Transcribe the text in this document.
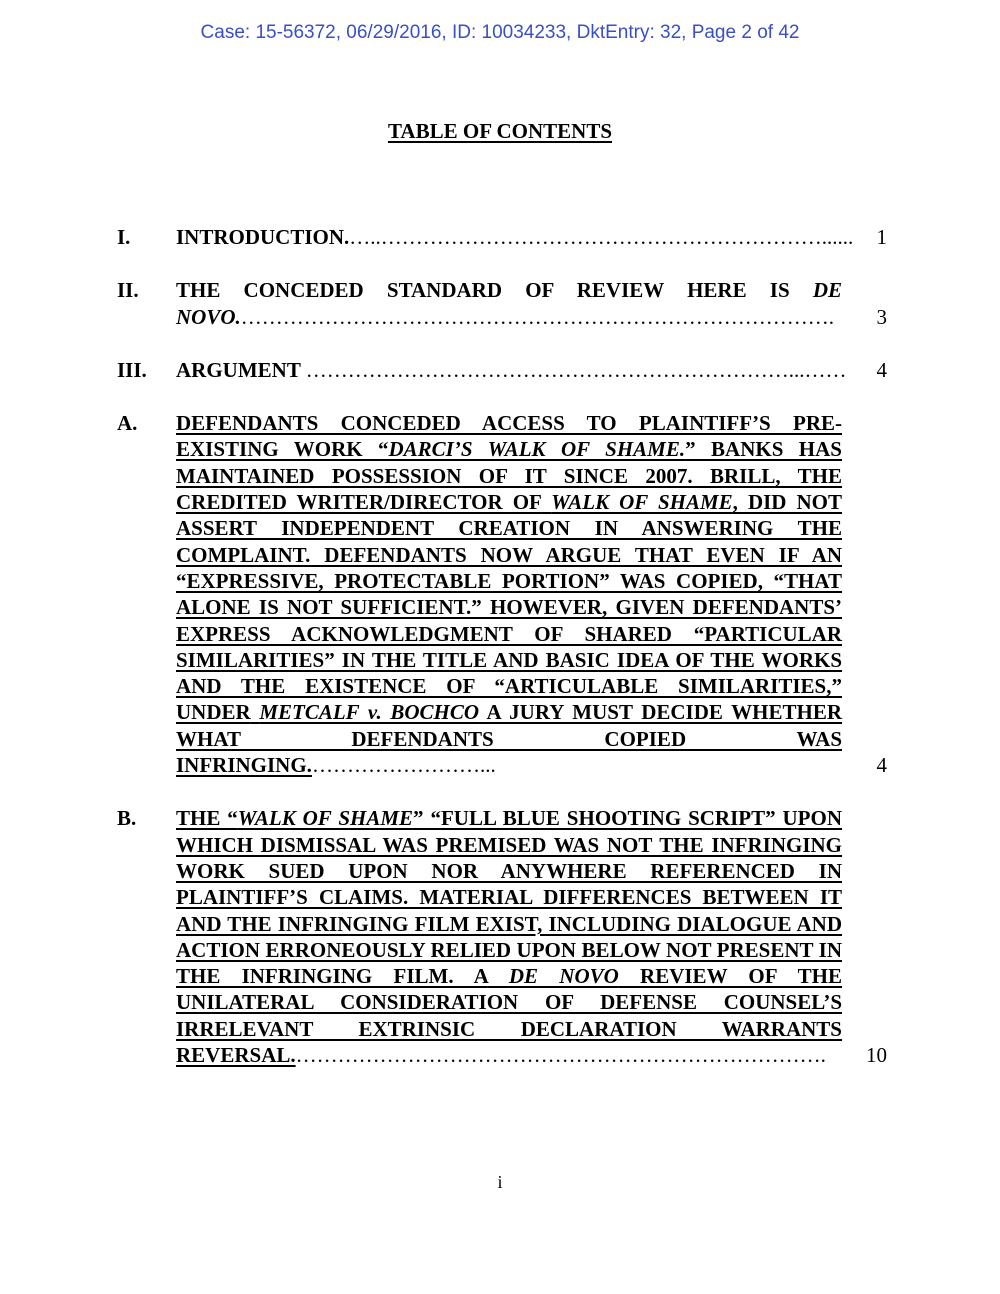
Case: 15-56372, 06/29/2016, ID: 10034233, DktEntry: 32, Page 2 of 42
TABLE OF CONTENTS
I.	INTRODUCTION.…..………………………………………………………......	1
II.	THE CONCEDED STANDARD OF REVIEW HERE IS DE NOVO.………………………………………………………………………….	3
III.	ARGUMENT ……………………………………………………………...……	4
A.	DEFENDANTS CONCEDED ACCESS TO PLAINTIFF’S PRE-EXISTING WORK “DARCI’S WALK OF SHAME.” BANKS HAS MAINTAINED POSSESSION OF IT SINCE 2007. BRILL, THE CREDITED WRITER/DIRECTOR OF WALK OF SHAME, DID NOT ASSERT INDEPENDENT CREATION IN ANSWERING THE COMPLAINT. DEFENDANTS NOW ARGUE THAT EVEN IF AN “EXPRESSIVE, PROTECTABLE PORTION” WAS COPIED, “THAT ALONE IS NOT SUFFICIENT.” HOWEVER, GIVEN DEFENDANTS’ EXPRESS ACKNOWLEDGMENT OF SHARED “PARTICULAR SIMILARITIES” IN THE TITLE AND BASIC IDEA OF THE WORKS AND THE EXISTENCE OF “ARTICULABLE SIMILARITIES,” UNDER METCALF v. BOCHCO A JURY MUST DECIDE WHETHER WHAT DEFENDANTS COPIED WAS INFRINGING.……………………...	4
B.	THE “WALK OF SHAME” “FULL BLUE SHOOTING SCRIPT” UPON WHICH DISMISSAL WAS PREMISED WAS NOT THE INFRINGING WORK SUED UPON NOR ANYWHERE REFERENCED IN PLAINTIFF’S CLAIMS. MATERIAL DIFFERENCES BETWEEN IT AND THE INFRINGING FILM EXIST, INCLUDING DIALOGUE AND ACTION ERRONEOUSLY RELIED UPON BELOW NOT PRESENT IN THE INFRINGING FILM. A DE NOVO REVIEW OF THE UNILATERAL CONSIDERATION OF DEFENSE COUNSEL’S IRRELEVANT EXTRINSIC DECLARATION WARRANTS REVERSAL.………………………………………………………………….	10
i
